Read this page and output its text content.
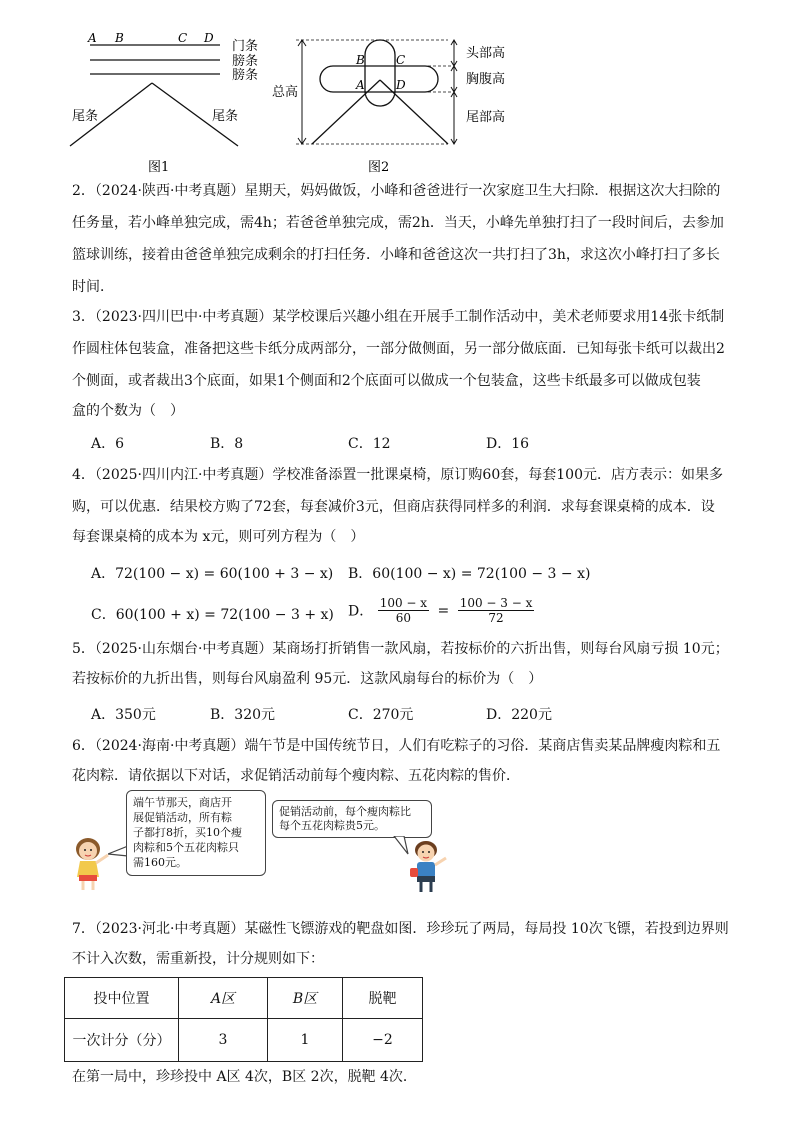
A B	C D
门条
膀条
膀条
尾条	尾条
图1
B	C
A	D
总高
头部高
胸腹高
尾部高
图2
2．（2024·陕西·中考真题）星期天，妈妈做饭，小峰和爸爸进行一次家庭卫生大扫除．根据这次大扫除的
任务量，若小峰单独完成，需4h；若爸爸单独完成，需2h．当天，小峰先单独打扫了一段时间后，去参加
篮球训练，接着由爸爸单独完成剩余的打扫任务．小峰和爸爸这次一共打扫了3h，求这次小峰打扫了多长
时间．
3．（2023·四川巴中·中考真题）某学校课后兴趣小组在开展手工制作活动中，美术老师要求用14张卡纸制
作圆柱体包装盒，准备把这些卡纸分成两部分，一部分做侧面，另一部分做底面．已知每张卡纸可以裁出2
个侧面，或者裁出3个底面，如果1个侧面和2个底面可以做成一个包装盒，这些卡纸最多可以做成包装
盒的个数为（　）
A．6	B．8	C．12	D．16
4．（2025·四川内江·中考真题）学校准备添置一批课桌椅，原订购60套，每套100元．店方表示：如果多
购，可以优惠．结果校方购了72套，每套减价3元，但商店获得同样多的利润．求每套课桌椅的成本．设
每套课桌椅的成本为 x元，则可列方程为（　）
A．72(100 − x) = 60(100 + 3 − x) B．60(100 − x) = 72(100 − 3 − x)
C．60(100 + x) = 72(100 − 3 + x) D． $\frac{100 - x}{60} = \frac{100 - 3 - x}{72}$
5．（2025·山东烟台·中考真题）某商场打折销售一款风扇，若按标价的六折出售，则每台风扇亏损 10元；
若按标价的九折出售，则每台风扇盈利 95元．这款风扇每台的标价为（　）
A．350元	B．320元	C．270元	D．220元
6．（2024·海南·中考真题）端午节是中国传统节日，人们有吃粽子的习俗．某商店售卖某品牌瘦肉粽和五
花肉粽．请依据以下对话，求促销活动前每个瘦肉粽、五花肉粽的售价．
端午节那天，商店开
展促销活动，所有粽
子都打8折，买10个瘦
肉粽和5个五花肉粽只
需160元。
促销活动前，每个瘦肉粽比
每个五花肉粽贵5元。
7．（2023·河北·中考真题）某磁性飞镖游戏的靶盘如图．珍珍玩了两局，每局投 10次飞镖，若投到边界则
不计入次数，需重新投，计分规则如下：
投中位置	A区	B区	脱靶
一次计分（分）	3	1	−2
在第一局中，珍珍投中 A区 4次，B区 2次，脱靶 4次．
